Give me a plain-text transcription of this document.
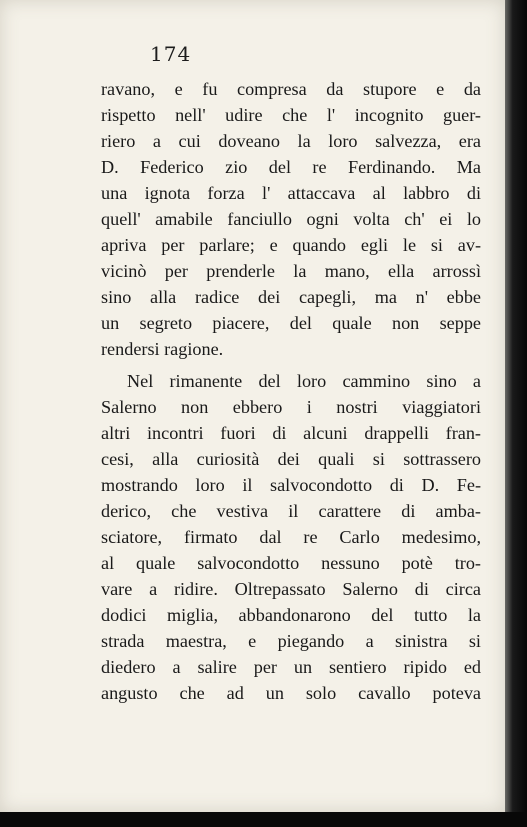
174
ravano, e fu compresa da stupore e da
rispetto nell' udire che l' incognito guer-
riero a cui doveano la loro salvezza, era
D. Federico zio del re Ferdinando. Ma
una ignota forza l' attaccava al labbro di
quell' amabile fanciullo ogni volta ch' ei lo
apriva per parlare; e quando egli le si av-
vicinò per prenderle la mano, ella arrossì
sino alla radice dei capegli, ma n' ebbe
un segreto piacere, del quale non seppe
rendersi ragione.
Nel rimanente del loro cammino sino a
Salerno non ebbero i nostri viaggiatori
altri incontri fuori di alcuni drappelli fran-
cesi, alla curiosità dei quali si sottrassero
mostrando loro il salvocondotto di D. Fe-
derico, che vestiva il carattere di amba-
sciatore, firmato dal re Carlo medesimo,
al quale salvocondotto nessuno potè tro-
vare a ridire. Oltrepassato Salerno di circa
dodici miglia, abbandonarono del tutto la
strada maestra, e piegando a sinistra si
diedero a salire per un sentiero ripido ed
angusto che ad un solo cavallo poteva
